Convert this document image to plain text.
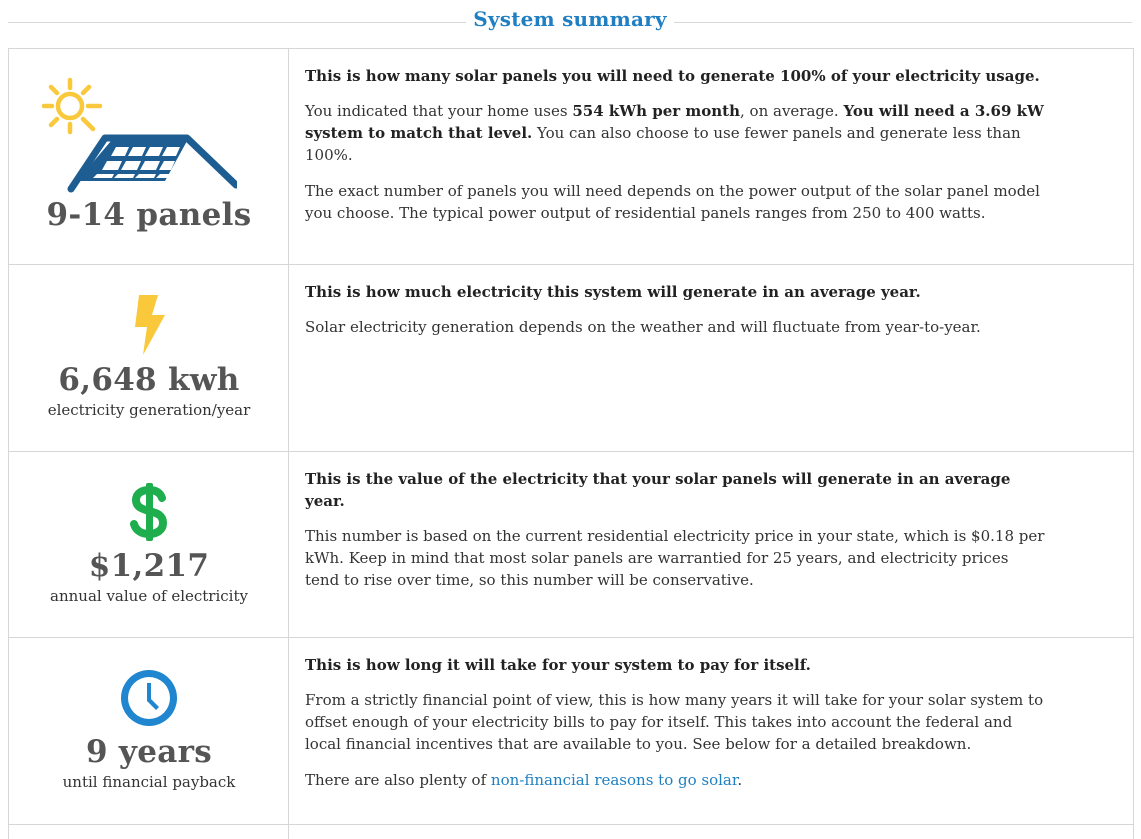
System summary
9-14 panels

This is how many solar panels you will need to generate 100% of your electricity usage.

You indicated that your home uses 554 kWh per month, on average. You will need a 3.69 kW system to match that level. You can also choose to use fewer panels and generate less than 100%.

The exact number of panels you will need depends on the power output of the solar panel model you choose. The typical power output of residential panels ranges from 250 to 400 watts.

6,648 kwh
electricity generation/year

This is how much electricity this system will generate in an average year.

Solar electricity generation depends on the weather and will fluctuate from year-to-year.

$1,217
annual value of electricity

This is the value of the electricity that your solar panels will generate in an average year.

This number is based on the current residential electricity price in your state, which is $0.18 per kWh. Keep in mind that most solar panels are warrantied for 25 years, and electricity prices tend to rise over time, so this number will be conservative.

9 years
until financial payback

This is how long it will take for your system to pay for itself.

From a strictly financial point of view, this is how many years it will take for your solar system to offset enough of your electricity bills to pay for itself. This takes into account the federal and local financial incentives that are available to you. See below for a detailed breakdown.

There are also plenty of non-financial reasons to go solar.
